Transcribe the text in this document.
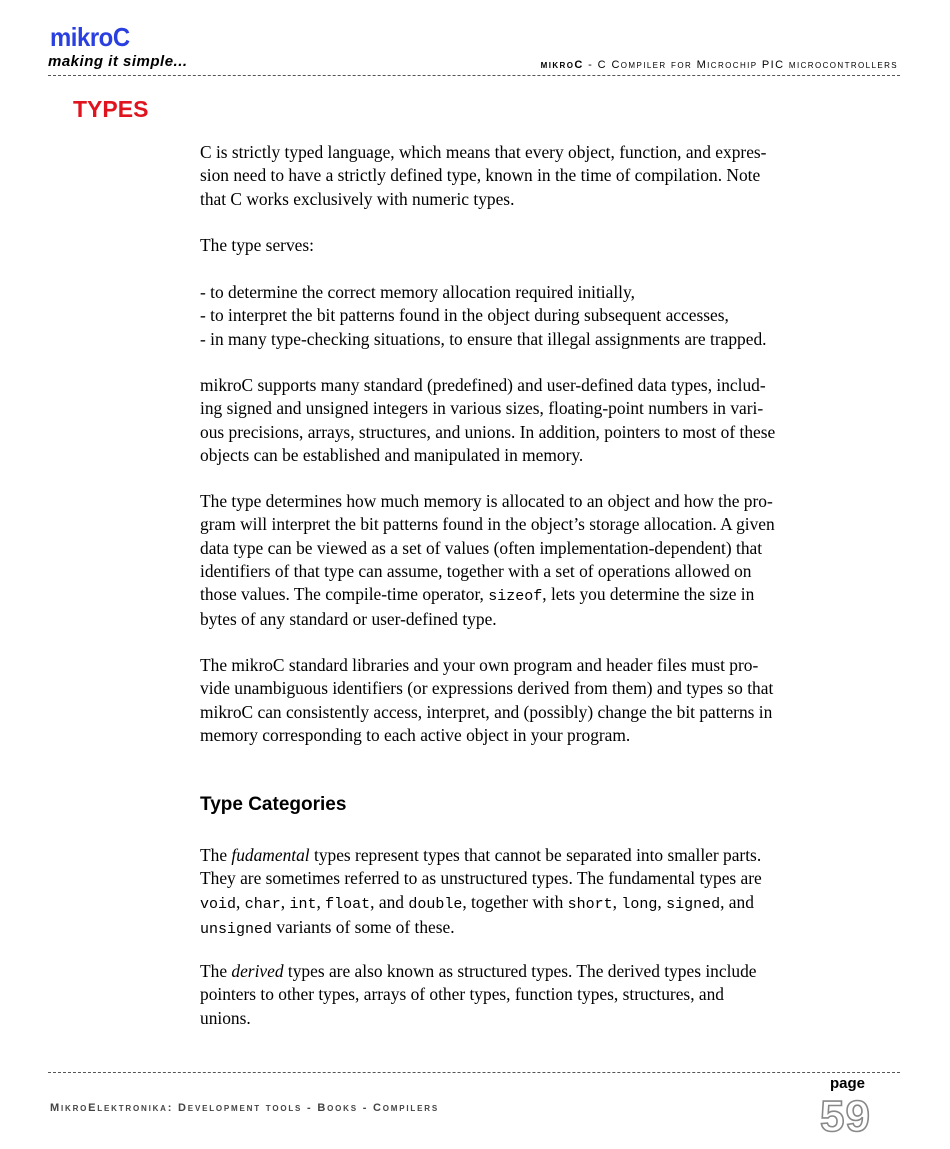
mikroC
making it simple...	mikroC - C Compiler for Microchip PIC microcontrollers
TYPES
C is strictly typed language, which means that every object, function, and expres-
sion need to have a strictly defined type, known in the time of compilation. Note
that C works exclusively with numeric types.
The type serves:
- to determine the correct memory allocation required initially,
- to interpret the bit patterns found in the object during subsequent accesses,
- in many type-checking situations, to ensure that illegal assignments are trapped.
mikroC supports many standard (predefined) and user-defined data types, includ-
ing signed and unsigned integers in various sizes, floating-point numbers in vari-
ous precisions, arrays, structures, and unions. In addition, pointers to most of these
objects can be established and manipulated in memory.
The type determines how much memory is allocated to an object and how the pro-
gram will interpret the bit patterns found in the object’s storage allocation. A given
data type can be viewed as a set of values (often implementation-dependent) that
identifiers of that type can assume, together with a set of operations allowed on
those values. The compile-time operator, sizeof, lets you determine the size in
bytes of any standard or user-defined type.
The mikroC standard libraries and your own program and header files must pro-
vide unambiguous identifiers (or expressions derived from them) and types so that
mikroC can consistently access, interpret, and (possibly) change the bit patterns in
memory corresponding to each active object in your program.
Type Categories
The fudamental types represent types that cannot be separated into smaller parts.
They are sometimes referred to as unstructured types. The fundamental types are
void, char, int, float, and double, together with short, long, signed, and
unsigned variants of some of these.
The derived types are also known as structured types. The derived types include
pointers to other types, arrays of other types, function types, structures, and
unions.
page
MikroElektronika: Development tools - Books - Compilers	59
